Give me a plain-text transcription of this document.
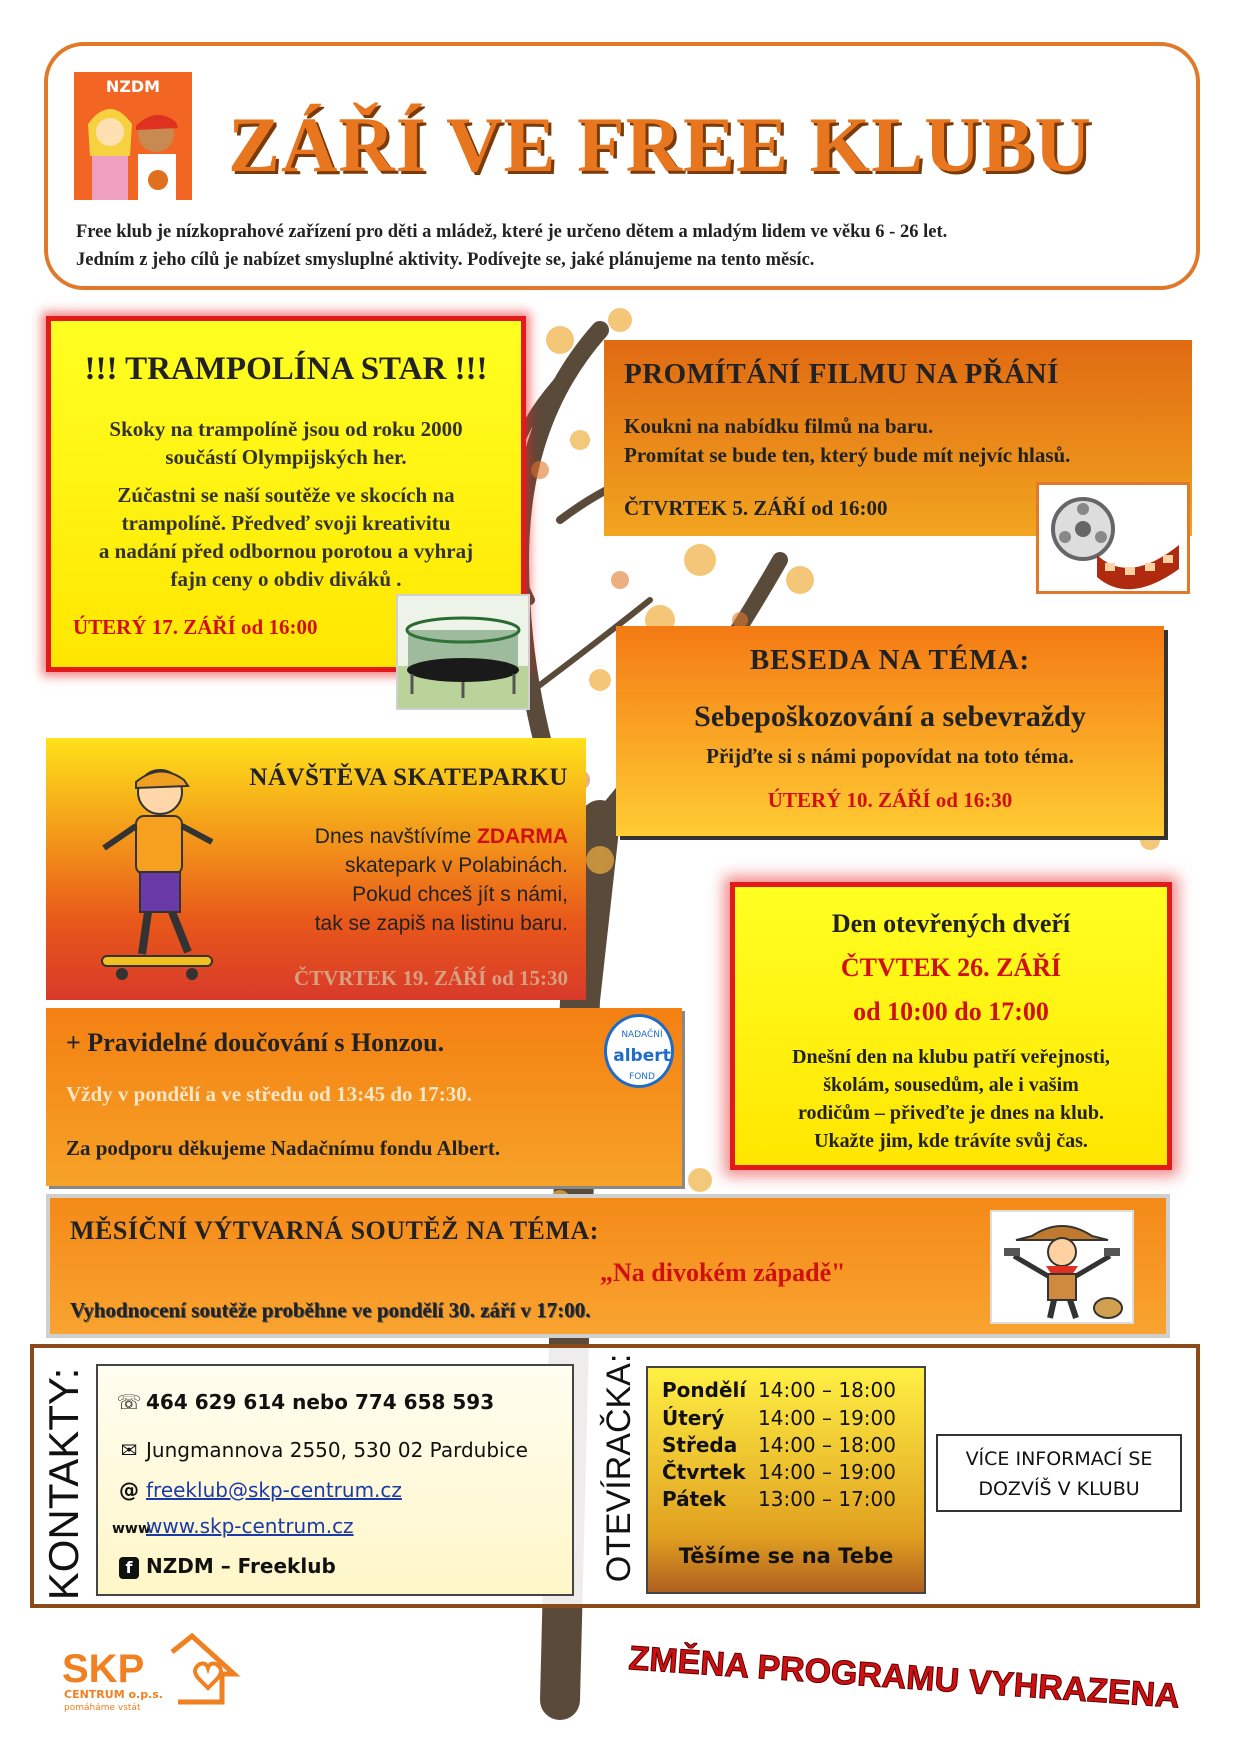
NZDM
ZÁŘÍ VE FREE KLUBU
Free klub je nízkoprahové zařízení pro děti a mládež, které je určeno dětem a mladým lidem ve věku 6 - 26 let.
Jedním z jeho cílů je nabízet smysluplné aktivity. Podívejte se, jaké plánujeme na tento měsíc.
!!! TRAMPOLÍNA STAR !!!
Skoky na trampolíně jsou od roku 2000
součástí Olympijských her.
Zúčastni se naší soutěže ve skocích na
trampolíně. Předveď svoji kreativitu
a nadání před odbornou porotou a vyhraj
fajn ceny o obdiv diváků .
ÚTERÝ 17. ZÁŘÍ od 16:00
PROMÍTÁNÍ FILMU NA PŘÁNÍ
Koukni na nabídku filmů na baru.
Promítat se bude ten, který bude mít nejvíc hlasů.
ČTVRTEK 5. ZÁŘÍ od 16:00
BESEDA NA TÉMA:
Sebepoškozování a sebevraždy
Přijďte si s námi popovídat na toto téma.
ÚTERÝ 10. ZÁŘÍ od 16:30
NÁVŠTĚVA SKATEPARKU
Dnes navštívíme ZDARMA
skatepark v Polabinách.
Pokud chceš jít s námi,
tak se zapiš na listinu baru.
ČTVRTEK 19. ZÁŘÍ od 15:30
Den otevřených dveří
ČTVTEK 26. ZÁŘÍ
od 10:00 do 17:00
Dnešní den na klubu patří veřejnosti,
školám, sousedům, ale i vašim
rodičům – přiveďte je dnes na klub.
Ukažte jim, kde trávíte svůj čas.
+ Pravidelné doučování s Honzou.
Vždy v pondělí a ve středu od 13:45 do 17:30.
Za podporu děkujeme Nadačnímu fondu Albert.
NADAČNÍ
albert
FOND
MĚSÍČNÍ VÝTVARNÁ SOUTĚŽ NA TÉMA:
„Na divokém západě"
Vyhodnocení soutěže proběhne ve pondělí 30. září v 17:00.
KONTAKTY: ☏ 464 629 614 nebo 774 658 593
✉ Jungmannova 2550, 530 02 Pardubice
@ freeklub@skp-centrum.cz
wwwwww.skp-centrum.cz
f NZDM – Freeklub	OTEVÍRAČKA: Pondělí 14:00 – 18:00
Úterý 14:00 – 19:00
Středa 14:00 – 18:00
Čtvrtek 14:00 – 19:00
Pátek 13:00 – 17:00
Těšíme se na Tebe
VÍCE INFORMACÍ SE
DOZVÍŠ V KLUBU
SKP
CENTRUM o.p.s.
pomáháme vstát	ZMĚNA PROGRAMU VYHRAZENA
